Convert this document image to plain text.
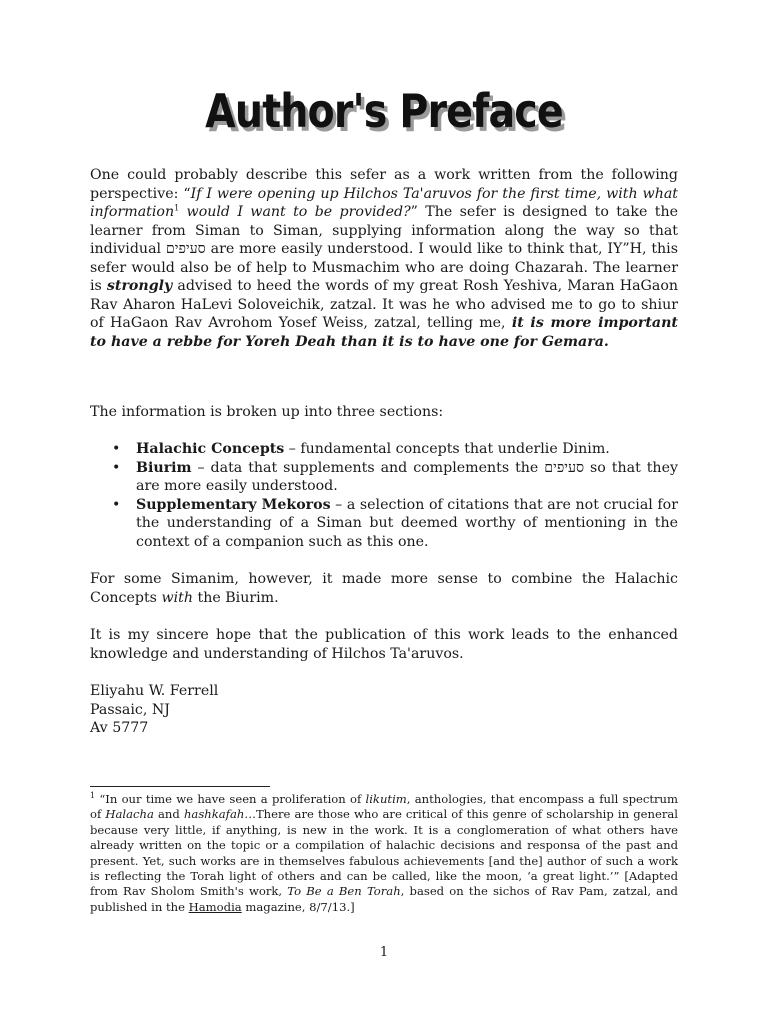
Author's Preface

One could probably describe this sefer as a work written from the following perspective: “If I were opening up Hilchos Ta'aruvos for the first time, with what information$^1$ would I want to be provided?” The sefer is designed to take the learner from Siman to Siman, supplying information along the way so that individual סעיפים are more easily understood. I would like to think that, IY”H, this sefer would also be of help to Musmachim who are doing Chazarah. The learner is strongly advised to heed the words of my great Rosh Yeshiva, Maran HaGaon Rav Aharon HaLevi Soloveichik, zatzal. It was he who advised me to go to shiur of HaGaon Rav Avrohom Yosef Weiss, zatzal, telling me, it is more important to have a rebbe for Yoreh Deah than it is to have one for Gemara.

The information is broken up into three sections:

• Halachic Concepts – fundamental concepts that underlie Dinim.
• Biurim – data that supplements and complements the סעיפים so that they are more easily understood.
• Supplementary Mekoros – a selection of citations that are not crucial for the understanding of a Siman but deemed worthy of mentioning in the context of a companion such as this one.

For some Simanim, however, it made more sense to combine the Halachic Concepts with the Biurim.

It is my sincere hope that the publication of this work leads to the enhanced knowledge and understanding of Hilchos Ta'aruvos.

Eliyahu W. Ferrell
Passaic, NJ
Av 5777

$^1$ “In our time we have seen a proliferation of likutim, anthologies, that encompass a full spectrum of Halacha and hashkafah…There are those who are critical of this genre of scholarship in general because very little, if anything, is new in the work. It is a conglomeration of what others have already written on the topic or a compilation of halachic decisions and responsa of the past and present. Yet, such works are in themselves fabulous achievements [and the] author of such a work is reflecting the Torah light of others and can be called, like the moon, ‘a great light.’” [Adapted from Rav Sholom Smith's work, To Be a Ben Torah, based on the sichos of Rav Pam, zatzal, and published in the Hamodia magazine, 8/7/13.]

1
